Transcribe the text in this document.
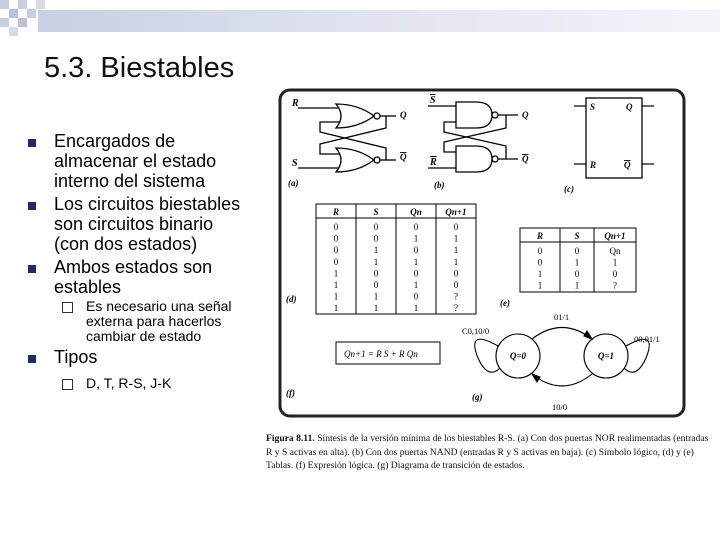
5.3. Biestables
Encargados de
almacenar el estado
interno del sistema
Los circuitos biestables
son circuitos binario
(con dos estados)
Ambos estados son
estables
Es necesario una señal
externa para hacerlos
cambiar de estado
Tipos
D, T, R-S, J-K
R
S
Q
Q
(a)
S
R
Q
Q
(b)
S	Q
R	Q
(c)
R	S	Qn	Qn+1
0	0	0	0
0	0	1	1
0	1	0	1
0	1	1	1
1	0	0	0
1	0	1	0
1	1	0	?
1	1	1	?
(d)
R	S	Qn+1
0	0	Qn
0	1	1
1	0	0
1	1	?
(e)
Qn+1 = R S + R Qn
(f)
Q=0	Q=1
C0,10/0
00,01/1
01/1
10/0
(g)
Figura 8.11. Síntesis de la versión mínima de los biestables R-S. (a) Con dos puertas NOR realimentadas (entradas R y S activas en alta). (b) Con dos puertas NAND (entradas R y S activas en baja). (c) Símbolo lógico, (d) y (e) Tablas. (f) Expresión lógica. (g) Diagrama de transición de estados.
